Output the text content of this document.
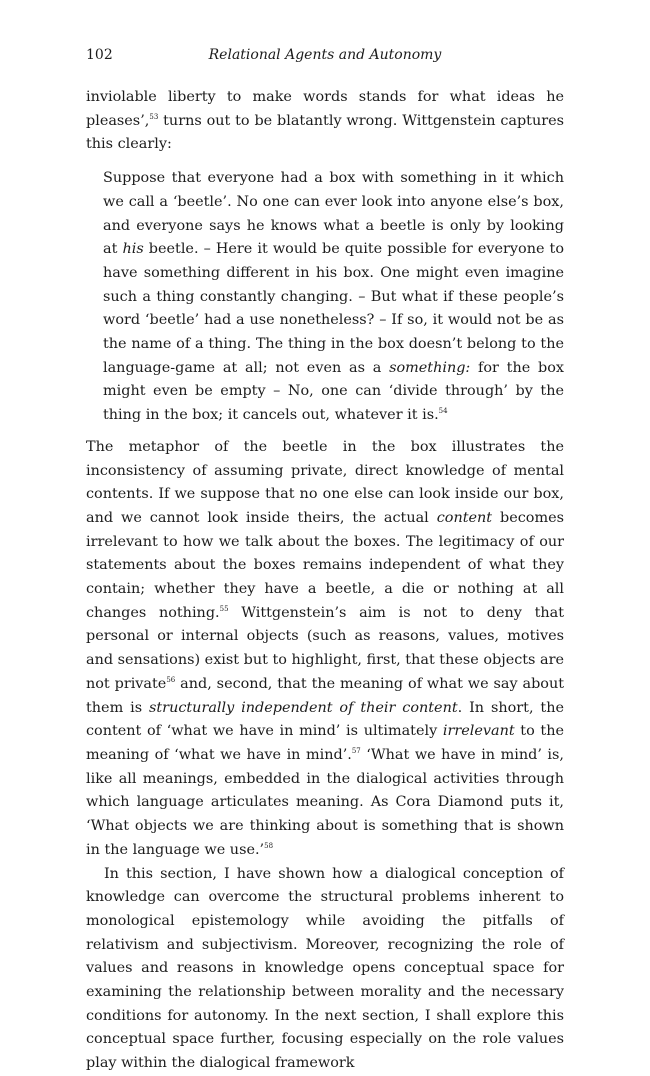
102	Relational Agents and Autonomy

inviolable liberty to make words stands for what ideas he pleases’,$^{53}$ turns out to be blatantly wrong. Wittgenstein captures this clearly:

Suppose that everyone had a box with something in it which we call a ‘beetle’. No one can ever look into anyone else’s box, and everyone says he knows what a beetle is only by looking at his beetle. – Here it would be quite possible for everyone to have something different in his box. One might even imagine such a thing constantly changing. – But what if these people’s word ‘beetle’ had a use nonetheless? – If so, it would not be as the name of a thing. The thing in the box doesn’t belong to the language-game at all; not even as a something: for the box might even be empty – No, one can ‘divide through’ by the thing in the box; it cancels out, whatever it is.$^{54}$

The metaphor of the beetle in the box illustrates the inconsistency of assuming private, direct knowledge of mental contents. If we suppose that no one else can look inside our box, and we cannot look inside theirs, the actual content becomes irrelevant to how we talk about the boxes. The legitimacy of our statements about the boxes remains independent of what they contain; whether they have a beetle, a die or nothing at all changes nothing.$^{55}$ Wittgenstein’s aim is not to deny that personal or internal objects (such as reasons, values, motives and sensations) exist but to highlight, first, that these objects are not private$^{56}$ and, second, that the meaning of what we say about them is structurally independent of their content. In short, the content of ‘what we have in mind’ is ultimately irrelevant to the meaning of ‘what we have in mind’.$^{57}$ ‘What we have in mind’ is, like all meanings, embedded in the dialogical activities through which language articulates meaning. As Cora Diamond puts it, ‘What objects we are thinking about is something that is shown in the language we use.’$^{58}$

In this section, I have shown how a dialogical conception of knowledge can overcome the structural problems inherent to monological epistemology while avoiding the pitfalls of relativism and subjectivism. Moreover, recognizing the role of values and reasons in knowledge opens conceptual space for examining the relationship between morality and the necessary conditions for autonomy. In the next section, I shall explore this conceptual space further, focusing especially on the role values play within the dialogical framework
